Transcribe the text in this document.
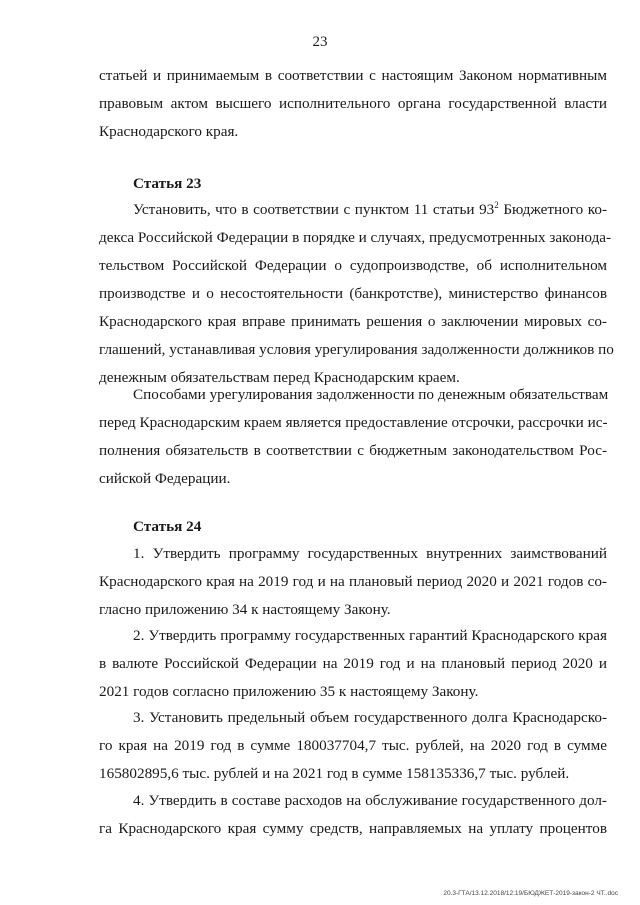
23
статьей и принимаемым в соответствии с настоящим Законом нормативным
правовым актом высшего исполнительного органа государственной власти
Краснодарского края.
Статья 23
Установить, что в соответствии с пунктом 11 статьи $93^2$ Бюджетного ко-
декса Российской Федерации в порядке и случаях, предусмотренных законода-
тельством Российской Федерации о судопроизводстве, об исполнительном
производстве и о несостоятельности (банкротстве), министерство финансов
Краснодарского края вправе принимать решения о заключении мировых со-
глашений, устанавливая условия урегулирования задолженности должников по
денежным обязательствам перед Краснодарским краем.
Способами урегулирования задолженности по денежным обязательствам
перед Краснодарским краем является предоставление отсрочки, рассрочки ис-
полнения обязательств в соответствии с бюджетным законодательством Рос-
сийской Федерации.
Статья 24
1. Утвердить программу государственных внутренних заимствований
Краснодарского края на 2019 год и на плановый период 2020 и 2021 годов со-
гласно приложению 34 к настоящему Закону.
2. Утвердить программу государственных гарантий Краснодарского края
в валюте Российской Федерации на 2019 год и на плановый период 2020 и
2021 годов согласно приложению 35 к настоящему Закону.
3. Установить предельный объем государственного долга Краснодарско-
го края на 2019 год в сумме 180037704,7 тыс. рублей, на 2020 год в сумме
165802895,6 тыс. рублей и на 2021 год в сумме 158135336,7 тыс. рублей.
4. Утвердить в составе расходов на обслуживание государственного дол-
га Краснодарского края сумму средств, направляемых на уплату процентов
20.3-ГТА/13.12.2018/12:19/БЮДЖЕТ-2019-закон-2 ЧТ..doc
